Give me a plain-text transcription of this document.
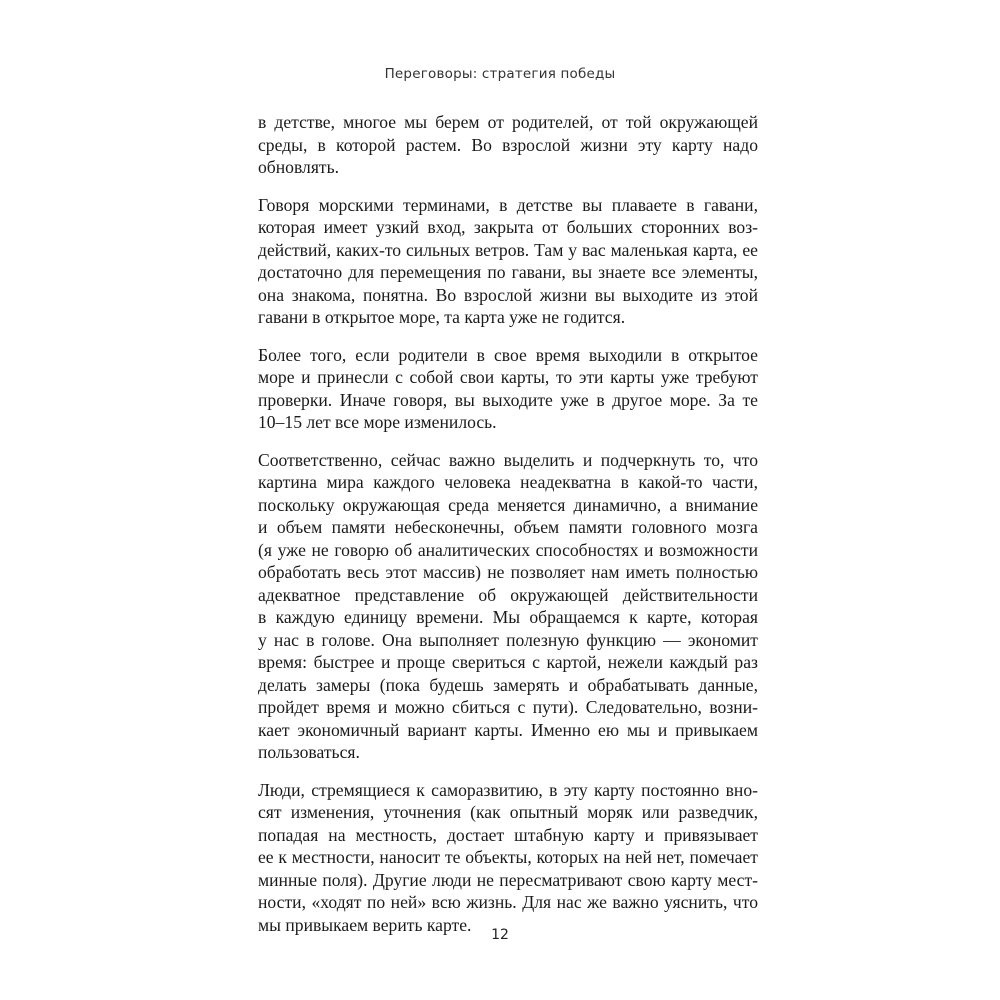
Переговоры: стратегия победы
в детстве, многое мы берем от родителей, от той окружающей
среды, в которой растем. Во взрослой жизни эту карту надо
обновлять.
Говоря морскими терминами, в детстве вы плаваете в гавани,
которая имеет узкий вход, закрыта от больших сторонних воз-
действий, каких-то сильных ветров. Там у вас маленькая карта, ее
достаточно для перемещения по гавани, вы знаете все элементы,
она знакома, понятна. Во взрослой жизни вы выходите из этой
гавани в открытое море, та карта уже не годится.
Более того, если родители в свое время выходили в открытое
море и принесли с собой свои карты, то эти карты уже требуют
проверки. Иначе говоря, вы выходите уже в другое море. За те
10–15 лет все море изменилось.
Соответственно, сейчас важно выделить и подчеркнуть то, что
картина мира каждого человека неадекватна в какой-то части,
поскольку окружающая среда меняется динамично, а внимание
и объем памяти небесконечны, объем памяти головного мозга
(я уже не говорю об аналитических способностях и возможности
обработать весь этот массив) не позволяет нам иметь полностью
адекватное представление об окружающей действительности
в каждую единицу времени. Мы обращаемся к карте, которая
у нас в голове. Она выполняет полезную функцию — экономит
время: быстрее и проще свериться с картой, нежели каждый раз
делать замеры (пока будешь замерять и обрабатывать данные,
пройдет время и можно сбиться с пути). Следовательно, возни-
кает экономичный вариант карты. Именно ею мы и привыкаем
пользоваться.
Люди, стремящиеся к саморазвитию, в эту карту постоянно вно-
сят изменения, уточнения (как опытный моряк или разведчик,
попадая на местность, достает штабную карту и привязывает
ее к местности, наносит те объекты, которых на ней нет, помечает
минные поля). Другие люди не пересматривают свою карту мест-
ности, «ходят по ней» всю жизнь. Для нас же важно уяснить, что
мы привыкаем верить карте.
12
